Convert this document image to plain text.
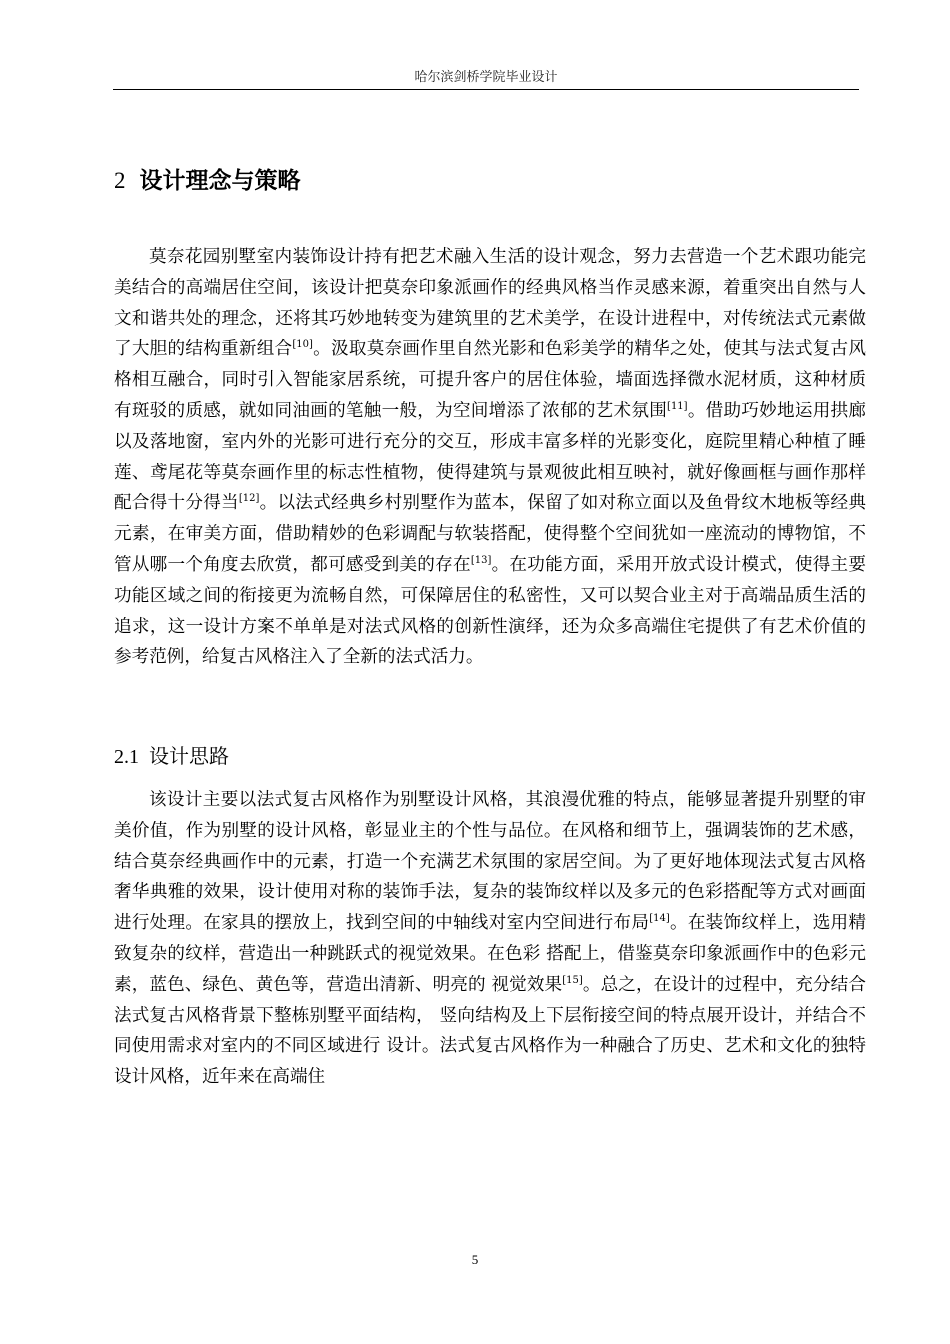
哈尔滨剑桥学院毕业设计
2 设计理念与策略

莫奈花园别墅室内装饰设计持有把艺术融入生活的设计观念，努力去营造一个艺术跟功能完美结合的高端居住空间，该设计把莫奈印象派画作的经典风格当作灵感来源，着重突出自然与人文和谐共处的理念，还将其巧妙地转变为建筑里的艺术美学，在设计进程中，对传统法式元素做了大胆的结构重新组合[10]。汲取莫奈画作里自然光影和色彩美学的精华之处，使其与法式复古风格相互融合，同时引入智能家居系统，可提升客户的居住体验，墙面选择微水泥材质，这种材质有斑驳的质感，就如同油画的笔触一般，为空间增添了浓郁的艺术氛围[11]。借助巧妙地运用拱廊以及落地窗，室内外的光影可进行充分的交互，形成丰富多样的光影变化，庭院里精心种植了睡莲、鸢尾花等莫奈画作里的标志性植物，使得建筑与景观彼此相互映衬，就好像画框与画作那样配合得十分得当[12]。以法式经典乡村别墅作为蓝本，保留了如对称立面以及鱼骨纹木地板等经典元素，在审美方面，借助精妙的色彩调配与软装搭配，使得整个空间犹如一座流动的博物馆，不管从哪一个角度去欣赏，都可感受到美的存在[13]。在功能方面，采用开放式设计模式，使得主要功能区域之间的衔接更为流畅自然，可保障居住的私密性，又可以契合业主对于高端品质生活的追求，这一设计方案不单单是对法式风格的创新性演绎，还为众多高端住宅提供了有艺术价值的参考范例，给复古风格注入了全新的法式活力。

2.1 设计思路

该设计主要以法式复古风格作为别墅设计风格，其浪漫优雅的特点，能够显著提升别墅的审美价值，作为别墅的设计风格，彰显业主的个性与品位。在风格和细节上，强调装饰的艺术感，结合莫奈经典画作中的元素，打造一个充满艺术氛围的家居空间。为了更好地体现法式复古风格奢华典雅的效果，设计使用对称的装饰手法，复杂的装饰纹样以及多元的色彩搭配等方式对画面进行处理。在家具的摆放上，找到空间的中轴线对室内空间进行布局[14]。在装饰纹样上，选用精致复杂的纹样，营造出一种跳跃式的视觉效果。在色彩 搭配上，借鉴莫奈印象派画作中的色彩元素，蓝色、绿色、黄色等，营造出清新、明亮的 视觉效果[15]。总之，在设计的过程中，充分结合法式复古风格背景下整栋别墅平面结构， 竖向结构及上下层衔接空间的特点展开设计，并结合不同使用需求对室内的不同区域进行 设计。法式复古风格作为一种融合了历史、艺术和文化的独特设计风格，近年来在高端住

5
